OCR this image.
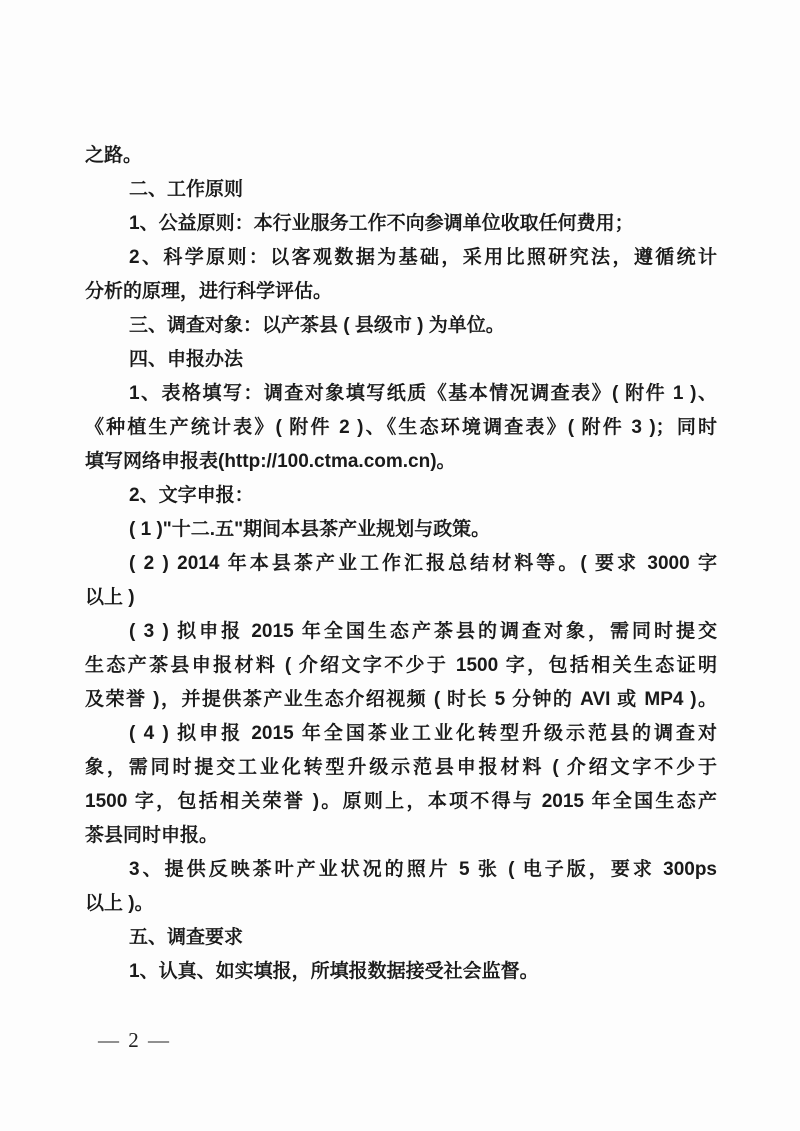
之路。
二、工作原则
1、公益原则：本行业服务工作不向参调单位收取任何费用；
2、科学原则：以客观数据为基础，采用比照研究法，遵循统计
分析的原理，进行科学评估。
三、调查对象：以产茶县 ( 县级市 ) 为单位。
四、申报办法
1、表格填写：调查对象填写纸质《基本情况调查表》( 附件 1 )、
《种植生产统计表》( 附件 2 )、《生态环境调查表》( 附件 3 )；同时
填写网络申报表(http://100.ctma.com.cn)。
2、文字申报：
( 1 )"十二.五"期间本县茶产业规划与政策。
( 2 ) 2014 年本县茶产业工作汇报总结材料等。( 要求 3000 字
以上 )
( 3 ) 拟申报 2015 年全国生态产茶县的调查对象，需同时提交
生态产茶县申报材料 ( 介绍文字不少于 1500 字，包括相关生态证明
及荣誉 )，并提供茶产业生态介绍视频 ( 时长 5 分钟的 AVI 或 MP4 )。
( 4 ) 拟申报 2015 年全国茶业工业化转型升级示范县的调查对
象，需同时提交工业化转型升级示范县申报材料 ( 介绍文字不少于
1500 字，包括相关荣誉 )。原则上，本项不得与 2015 年全国生态产
茶县同时申报。
3、提供反映茶叶产业状况的照片 5 张 ( 电子版，要求 300ps
以上 )。
五、调查要求
1、认真、如实填报，所填报数据接受社会监督。
— 2 —
